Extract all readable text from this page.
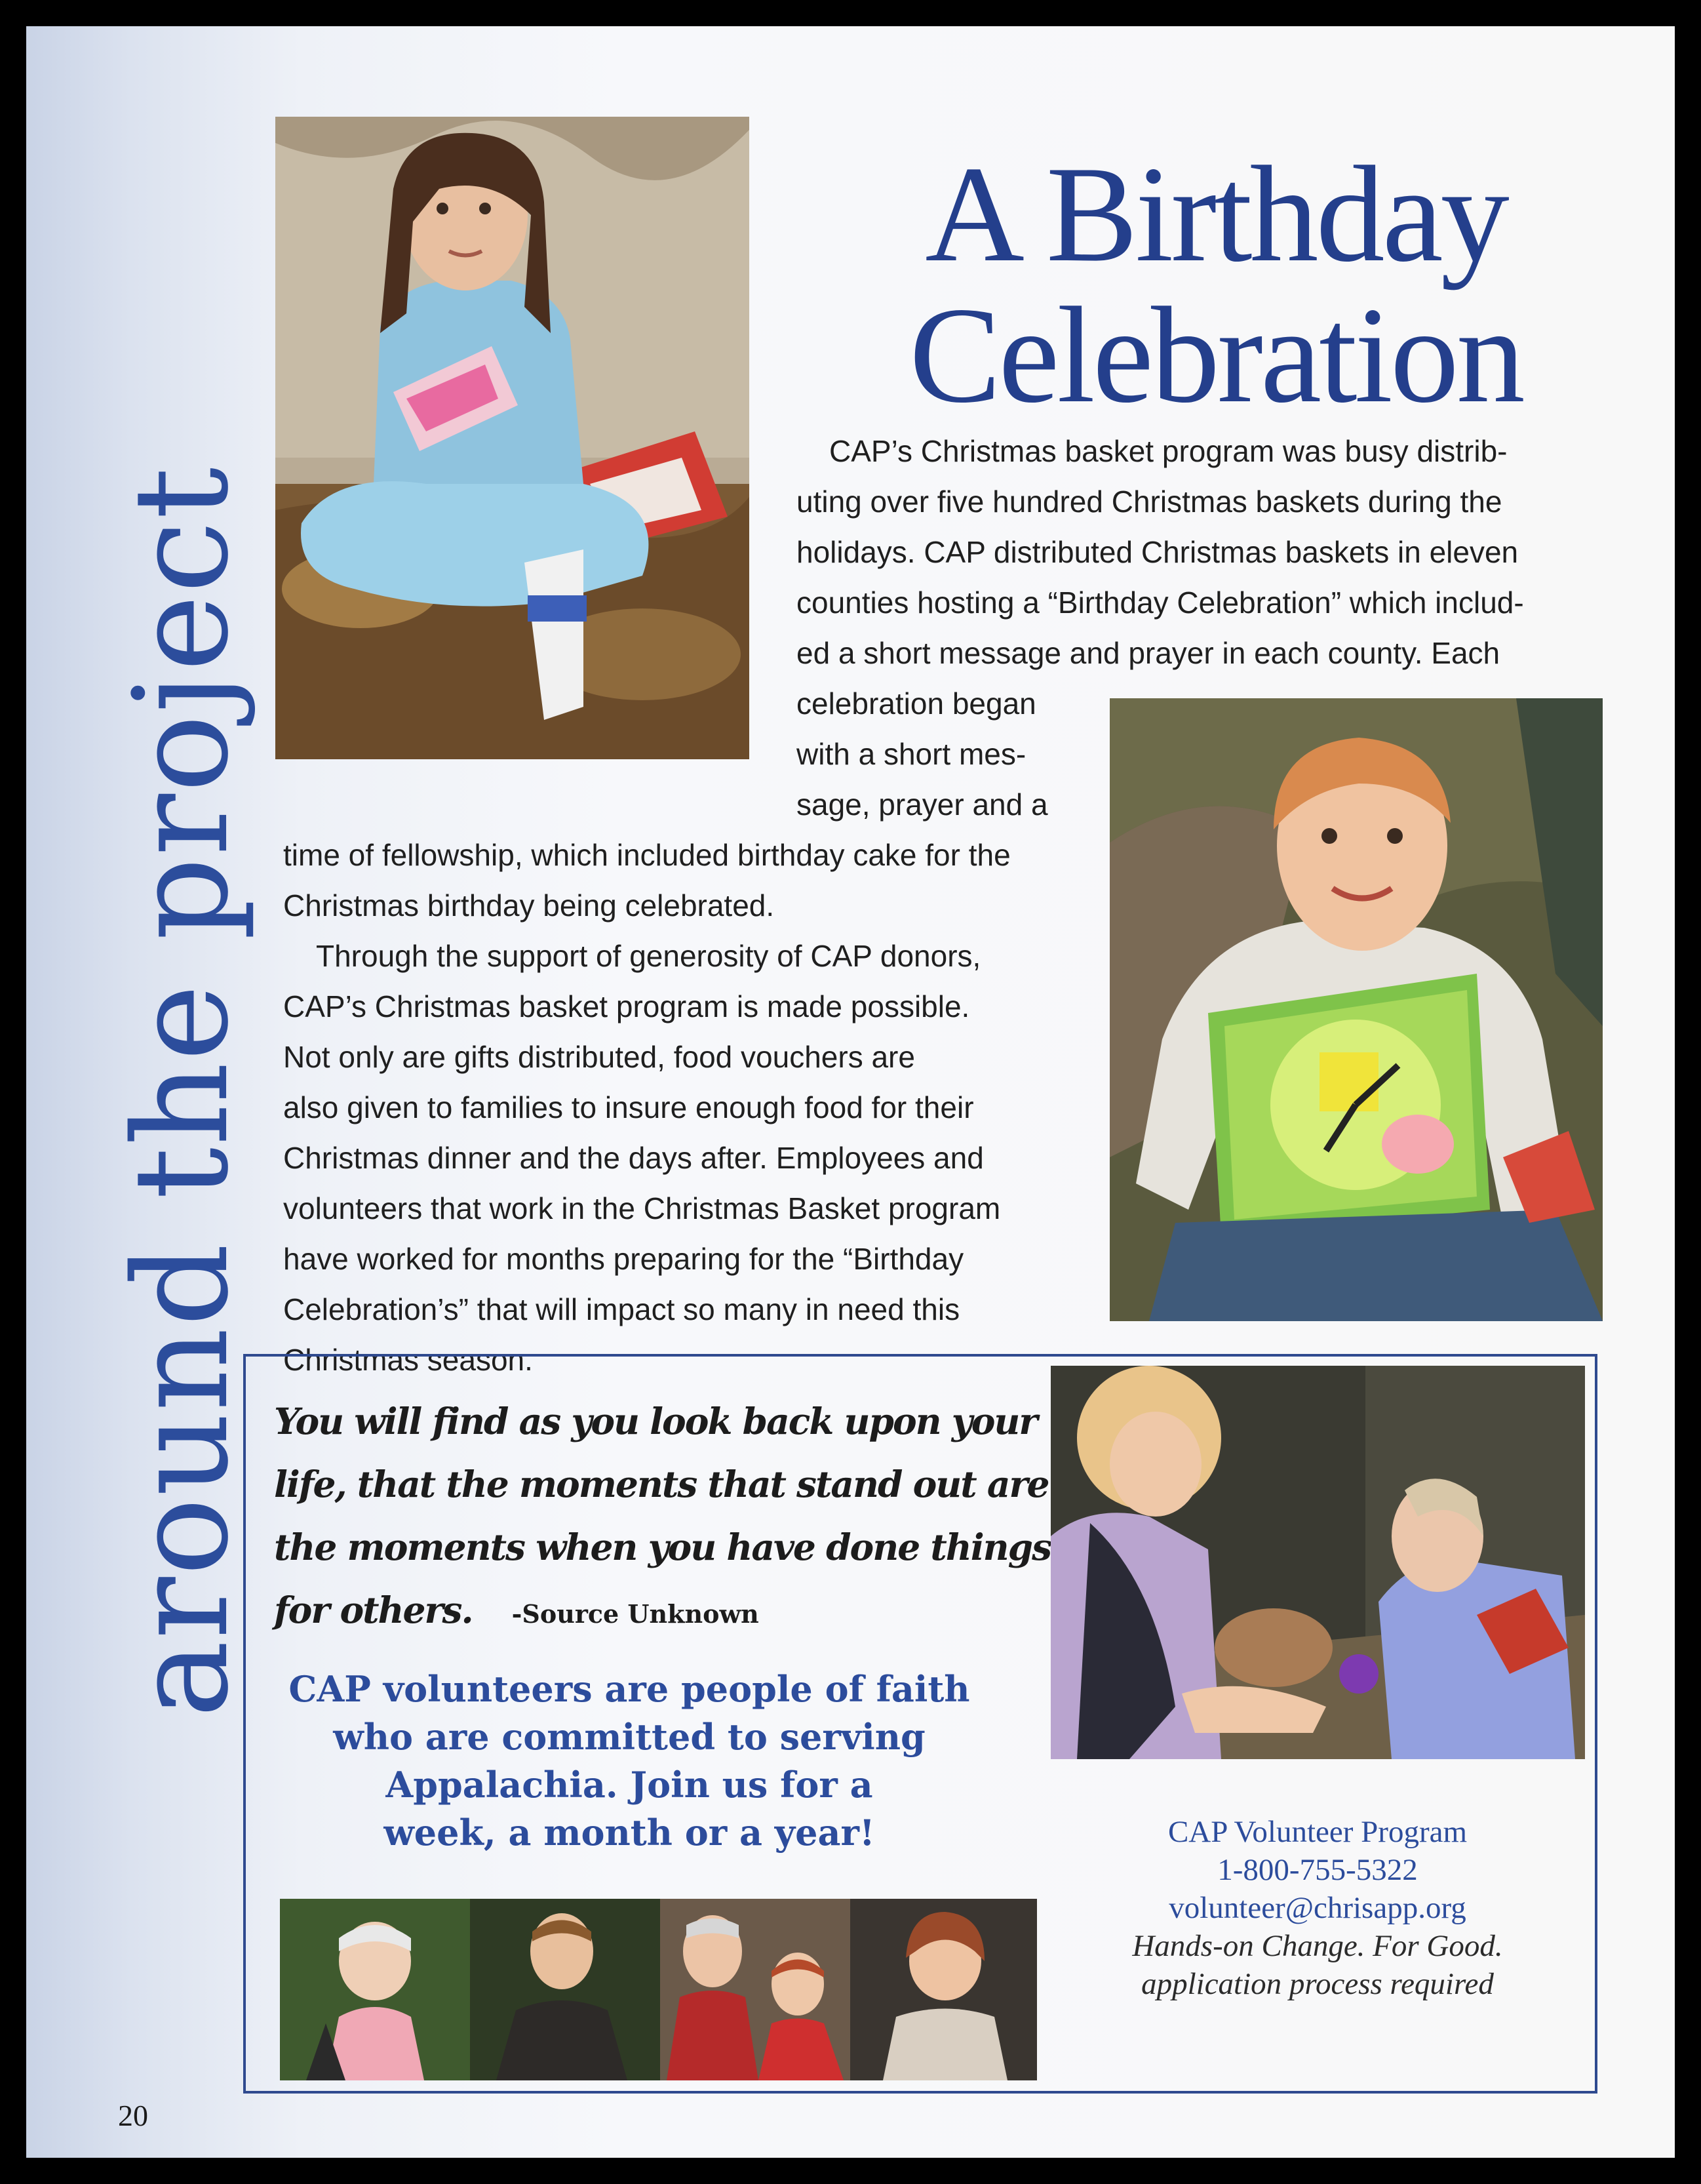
around the project
A Birthday
Celebration
CAP’s Christmas basket program was busy distrib-
uting over five hundred Christmas baskets during the
holidays. CAP distributed Christmas baskets in eleven
counties hosting a “Birthday Celebration” which includ-
ed a short message and prayer in each county. Each
celebration began
with a short mes-
sage, prayer and a
time of fellowship, which included birthday cake for the
Christmas birthday being celebrated.
Through the support of generosity of CAP donors,
CAP’s Christmas basket program is made possible.
Not only are gifts distributed, food vouchers are
also given to families to insure enough food for their
Christmas dinner and the days after. Employees and
volunteers that work in the Christmas Basket program
have worked for months preparing for the “Birthday
Celebration’s” that will impact so many in need this
Christmas season.
You will find as you look back upon your
life, that the moments that stand out are
the moments when you have done things
for others. -Source Unknown
CAP volunteers are people of faith
who are committed to serving
Appalachia. Join us for a
week, a month or a year!	CAP Volunteer Program
1-800-755-5322
volunteer@chrisapp.org
Hands-on Change. For Good.
application process required
20
